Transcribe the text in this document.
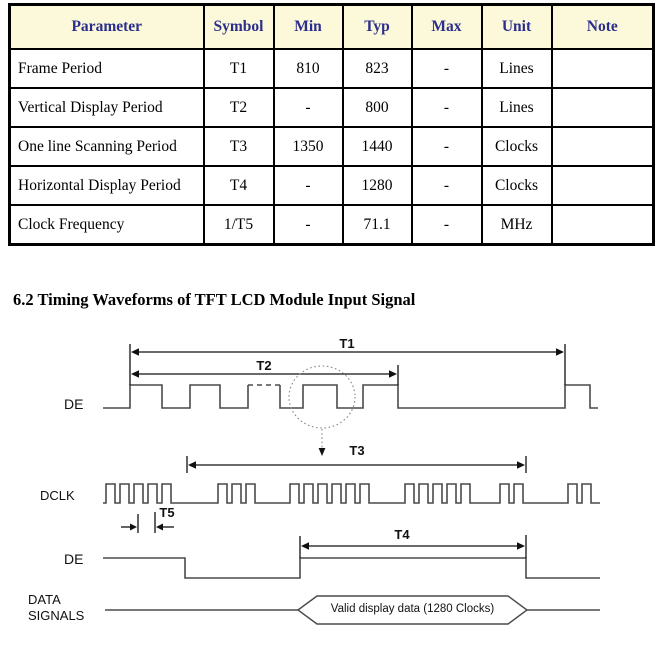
Parameter	Symbol	Min	Typ	Max	Unit	Note
Frame Period	T1	810	823	-	Lines	
Vertical Display Period	T2	-	800	-	Lines	
One line Scanning Period	T3	1350	1440	-	Clocks	
Horizontal Display Period	T4	-	1280	-	Clocks	
Clock Frequency	1/T5	-	71.1	-	MHz	
6.2 Timing Waveforms of TFT LCD Module Input Signal
DE
DCLK
DE
DATA
SIGNALS
T1
T2
T3
T4
T5
Valid display data (1280 Clocks)
